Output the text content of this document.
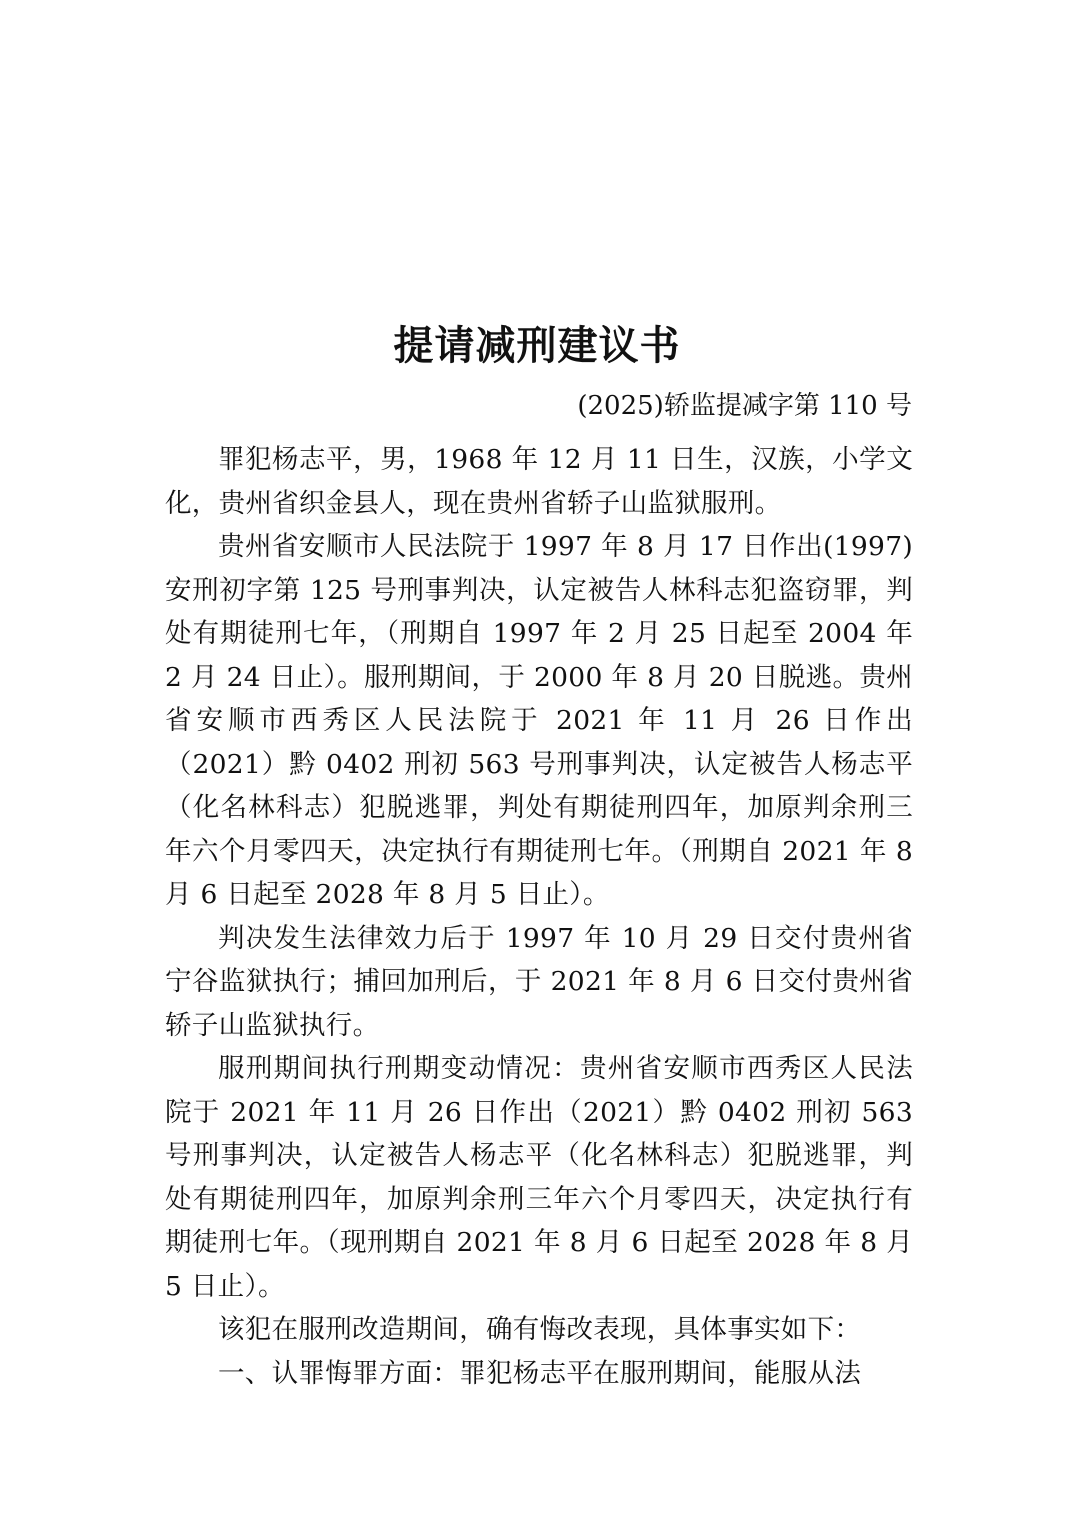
提请减刑建议书
(2025)轿监提减字第 110 号

罪犯杨志平，男，1968 年 12 月 11 日生，汉族，小学文化，贵州省织金县人，现在贵州省轿子山监狱服刑。

贵州省安顺市人民法院于 1997 年 8 月 17 日作出(1997)安刑初字第 125 号刑事判决，认定被告人林科志犯盗窃罪，判处有期徒刑七年，（刑期自 1997 年 2 月 25 日起至 2004 年 2 月 24 日止）。服刑期间，于 2000 年 8 月 20 日脱逃。贵州省安顺市西秀区人民法院于 2021 年 11 月 26 日作出（2021）黔 0402 刑初 563 号刑事判决，认定被告人杨志平（化名林科志）犯脱逃罪，判处有期徒刑四年，加原判余刑三年六个月零四天，决定执行有期徒刑七年。（刑期自 2021 年 8 月 6 日起至 2028 年 8 月 5 日止）。

判决发生法律效力后于 1997 年 10 月 29 日交付贵州省宁谷监狱执行；捕回加刑后，于 2021 年 8 月 6 日交付贵州省轿子山监狱执行。

服刑期间执行刑期变动情况：贵州省安顺市西秀区人民法院于 2021 年 11 月 26 日作出（2021）黔 0402 刑初 563 号刑事判决，认定被告人杨志平（化名林科志）犯脱逃罪，判处有期徒刑四年，加原判余刑三年六个月零四天，决定执行有期徒刑七年。（现刑期自 2021 年 8 月 6 日起至 2028 年 8 月 5 日止）。

该犯在服刑改造期间，确有悔改表现，具体事实如下：

一、认罪悔罪方面：罪犯杨志平在服刑期间，能服从法
